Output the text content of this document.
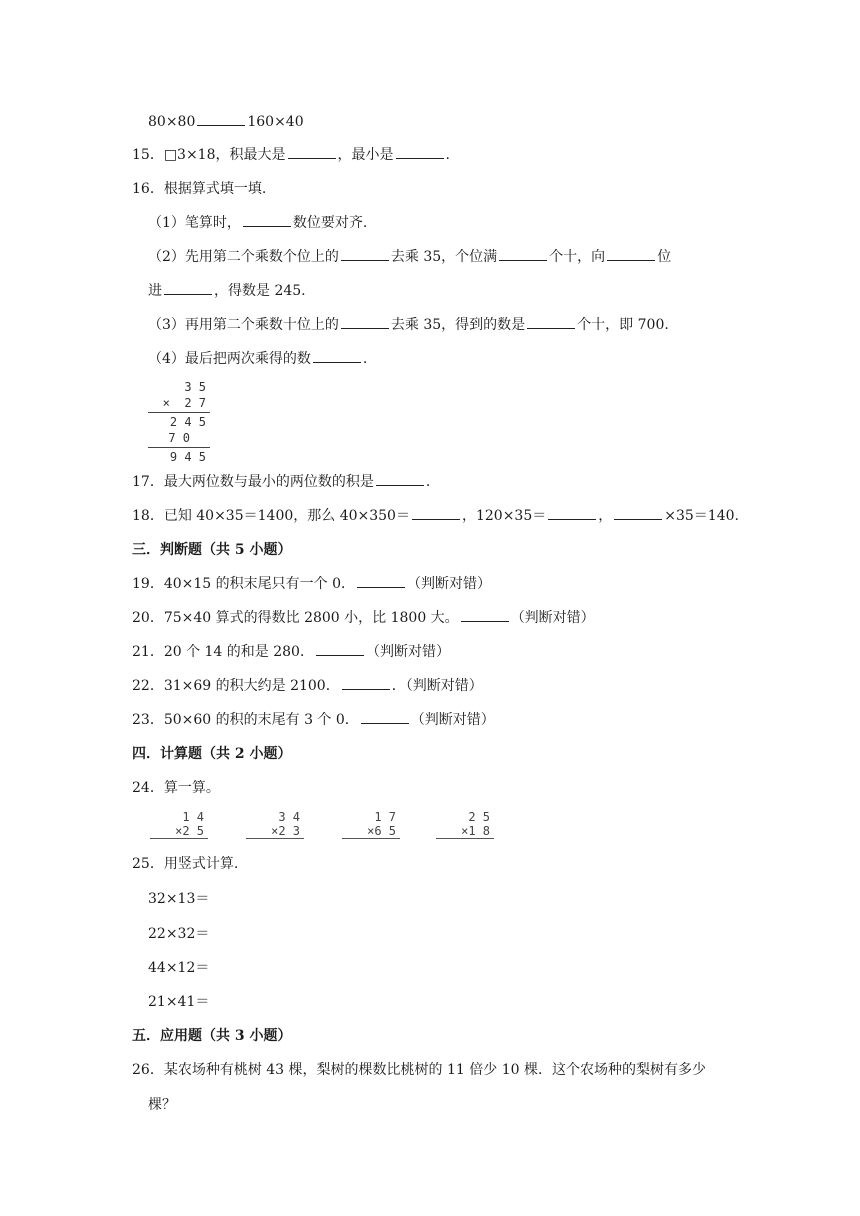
80×80	160×40
15．□3×18，积最大是	，最小是	.
16．根据算式填一填.
（1）笔算时，	数位要对齐.
（2）先用第二个乘数个位上的	去乘 35，个位满	个十，向	位
进	，得数是 245.
（3）再用第二个乘数十位上的	去乘 35，得到的数是	个十，即 700.
（4）最后把两次乘得的数	.
3 5
×  2 7
2 4 5
7 0
9 4 5
17．最大两位数与最小的两位数的积是	.
18．已知 40×35＝1400，那么 40×350＝	，120×35＝	，	×35＝140.
三．判断题（共 5 小题）
19．40×15 的积末尾只有一个 0．	（判断对错）
20．75×40 算式的得数比 2800 小，比 1800 大。	（判断对错）
21．20 个 14 的和是 280．	（判断对错）
22．31×69 的积大约是 2100．	．（判断对错）
23．50×60 的积的末尾有 3 个 0．	（判断对错）
四．计算题（共 2 小题）
24．算一算。
1 4
×2 5
3 4
×2 3
1 7
×6 5
2 5
×1 8
25．用竖式计算.
32×13＝
22×32＝
44×12＝
21×41＝
五．应用题（共 3 小题）
26．某农场种有桃树 43 棵，梨树的棵数比桃树的 11 倍少 10 棵．这个农场种的梨树有多少
棵？
